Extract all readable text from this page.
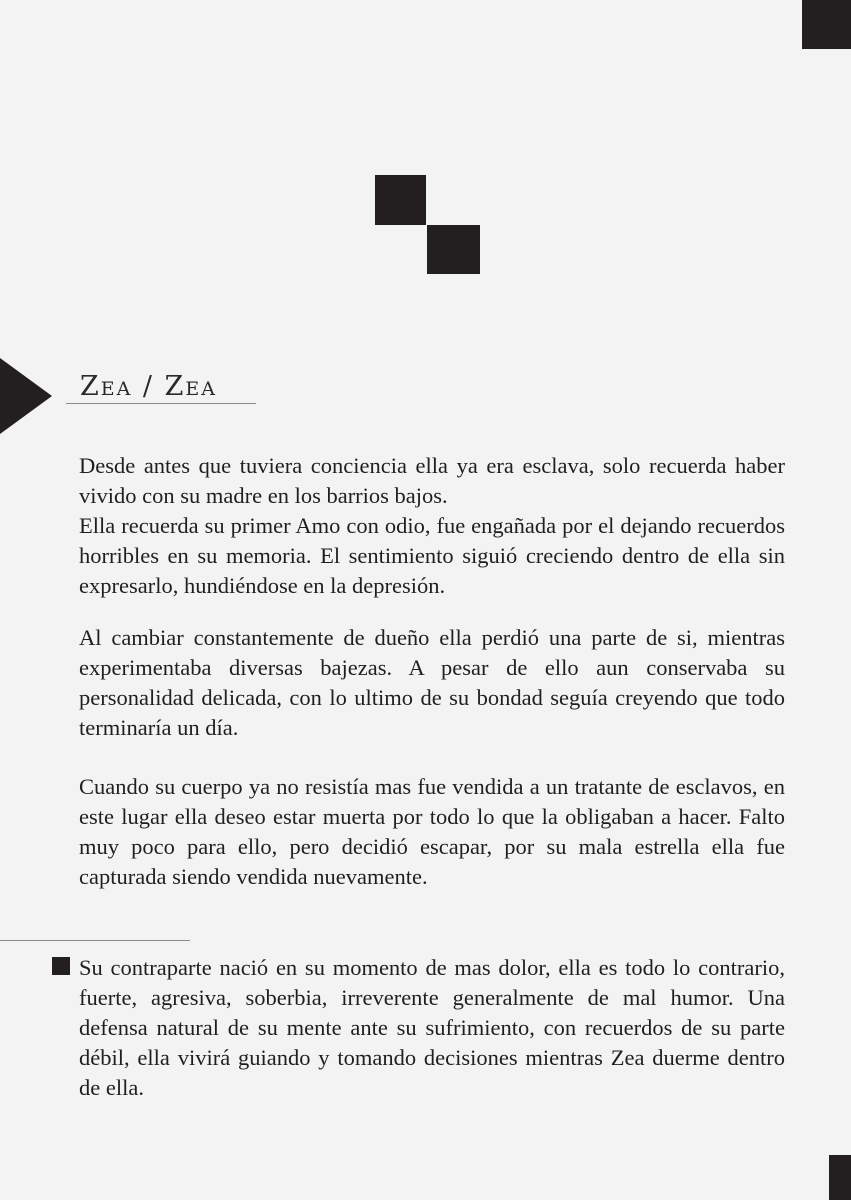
Zea / Zea

Desde antes que tuviera conciencia ella ya era esclava, solo recuerda haber vivido con su madre en los barrios bajos.
Ella recuerda su primer Amo con odio, fue engañada por el dejando recuerdos horribles en su memoria. El sentimiento siguió creciendo dentro de ella sin expresarlo, hundiéndose en la depresión.

Al cambiar constantemente de dueño ella perdió una parte de si, mientras experimentaba diversas bajezas. A pesar de ello aun conservaba su personalidad delicada, con lo ultimo de su bondad seguía creyendo que todo terminaría un día.

Cuando su cuerpo ya no resistía mas fue vendida a un tratante de esclavos, en este lugar ella deseo estar muerta por todo lo que la obligaban a hacer. Falto muy poco para ello, pero decidió escapar, por su mala estrella ella fue capturada siendo vendida nuevamente.

Su contraparte nació en su momento de mas dolor, ella es todo lo contrario, fuerte, agresiva, soberbia, irreverente generalmente de mal humor. Una defensa natural de su mente ante su sufrimiento, con recuerdos de su parte débil, ella vivirá guiando y tomando decisiones mientras Zea duerme dentro de ella.
